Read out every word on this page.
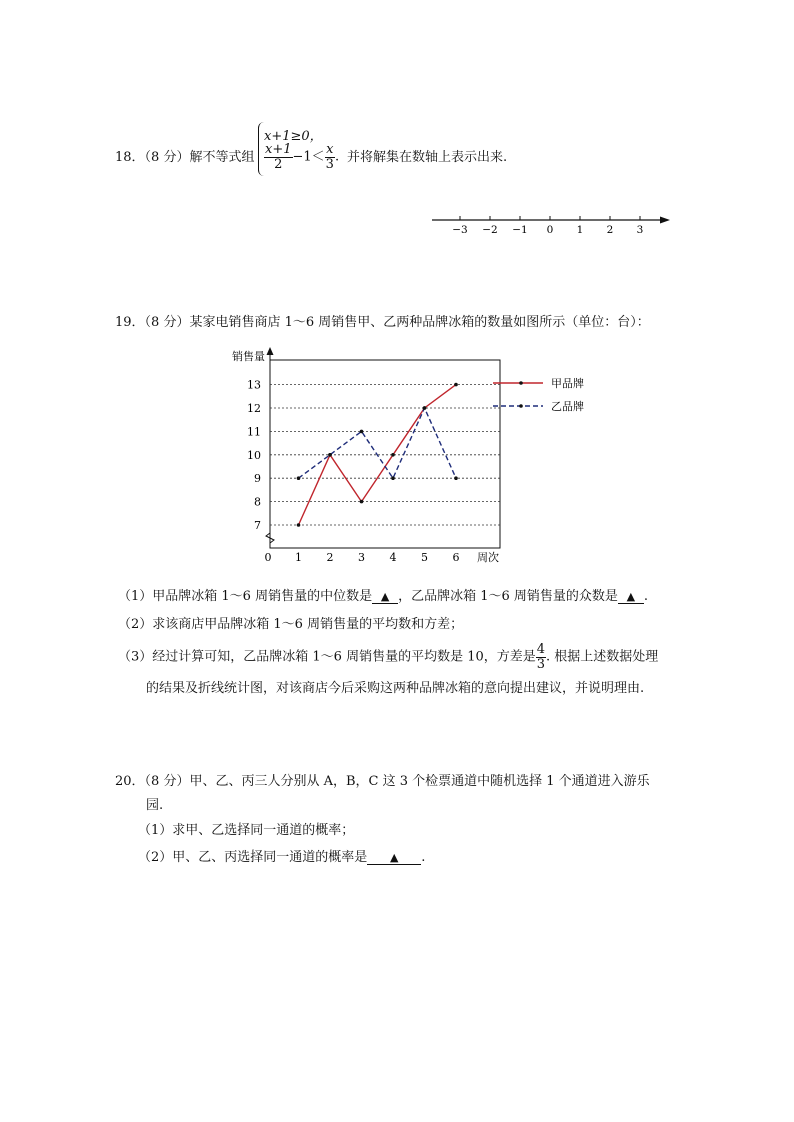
18．（8 分）解不等式组
x+1≥0，
$\frac{x+1}{2} -1< \frac{x}{3}$ . 并将解集在数轴上表示出来.
−3 −2 −1 0 1 2 3
19．（8 分）某家电销售商店 1～6 周销售甲、乙两种品牌冰箱的数量如图所示（单位：台）：
销售量
周次
7
8
9
10
11
12
13
0 1 2 3 4 5 6
甲品牌
乙品牌
（1）甲品牌冰箱 1～6 周销售量的中位数是 ▲ ，乙品牌冰箱 1～6 周销售量的众数是 ▲ .
（2）求该商店甲品牌冰箱 1～6 周销售量的平均数和方差；
（3）经过计算可知，乙品牌冰箱 1～6 周销售量的平均数是 10，方差是 $\frac{4}{3}$ . 根据上述数据处理
的结果及折线统计图，对该商店今后采购这两种品牌冰箱的意向提出建议，并说明理由.
20．（8 分）甲、乙、丙三人分别从 A，B，C 这 3 个检票通道中随机选择 1 个通道进入游乐
园.
（1）求甲、乙选择同一通道的概率；
（2）甲、乙、丙选择同一通道的概率是 ▲ .
